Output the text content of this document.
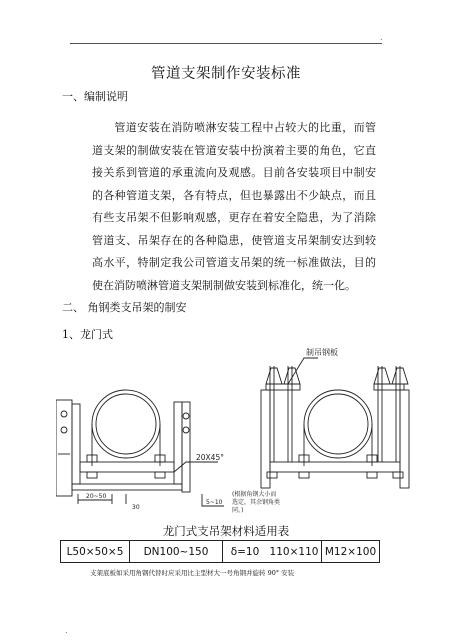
.
管道支架制作安装标准
一、编制说明

管道安装在消防喷淋安装工程中占较大的比重，而管道支架的制做安装在管道安装中扮演着主要的角色，它直接关系到管道的承重流向及观感。目前各安装项目中制安的各种管道支架，各有特点，但也暴露出不少缺点，而且有些支吊架不但影响观感，更存在着安全隐患，为了消除管道支、吊架存在的各种隐患，使管道支吊架制安达到较高水平，特制定我公司管道支吊架的统一标准做法，目的使在消防喷淋管道支架制制做安装到标准化，统一化。

二、 角钢类支吊架的制安
1、龙门式
制吊钢板
20X45°
20~50
30
5~10
(根据角钢大小而
选定，其余钢角类
同。)
龙门式支吊架材料适用表
L50×50×5	DN100~150	δ=10	110×110	M12×100
支架底板如采用角钢代替时应采用比主型材大一号角钢并旋转 90° 安装
.
